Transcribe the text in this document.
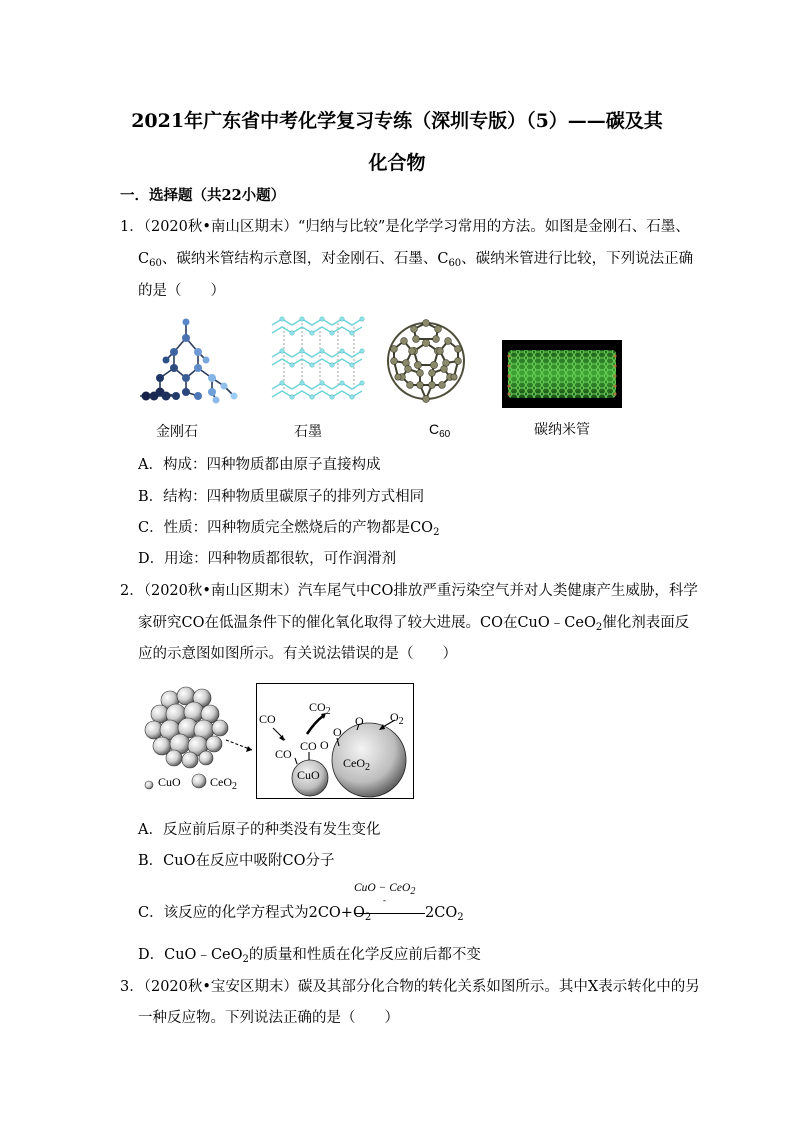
2021年广东省中考化学复习专练（深圳专版）（5）——碳及其
化合物
一．选择题（共22小题）
1．（2020秋•南山区期末）“归纳与比较”是化学学习常用的方法。如图是金刚石、石墨、
$C_{60}$、碳纳米管结构示意图，对金刚石、石墨、$C_{60}$、碳纳米管进行比较，下列说法正确
的是（　　）
金刚石	石墨	$C_{60}$	碳纳米管
A．构成：四种物质都由原子直接构成
B．结构：四种物质里碳原子的排列方式相同
C．性质：四种物质完全燃烧后的产物都是$CO_2$
D．用途：四种物质都很软，可作润滑剂
2．（2020秋•南山区期末）汽车尾气中CO排放严重污染空气并对人类健康产生威胁，科学
家研究CO在低温条件下的催化氧化取得了较大进展。CO在CuO﹣CeO$_2$催化剂表面反
应的示意图如图所示。有关说法错误的是（　　）
CuO CeO$_2$
CO
CO
CO O
O
O
$CO_2$	$O_2$
CuO
CeO$_2$
A．反应前后原子的种类没有发生变化
B．CuO在反应中吸附CO分子
CuO − CeO$_2$
-
C．该反应的化学方程式为$2CO+O_2$	$2CO_2$
D．CuO﹣CeO$_2$的质量和性质在化学反应前后都不变
3．（2020秋•宝安区期末）碳及其部分化合物的转化关系如图所示。其中X表示转化中的另
一种反应物。下列说法正确的是（　　）
